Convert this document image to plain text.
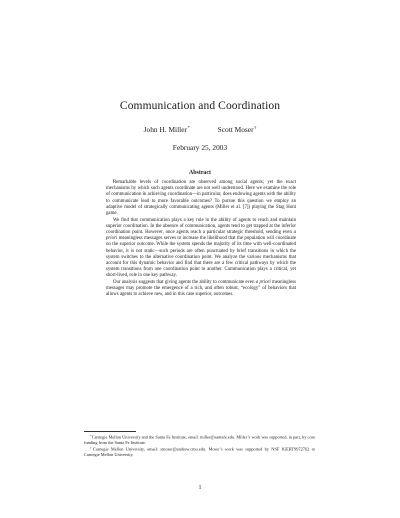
Communication and Coordination
John H. Miller*	Scott Moser†
February 25, 2003
Abstract

Remarkable levels of coordination are observed among social agents; yet the exact mechanisms by which such agents coordinate are not well understood. Here we examine the role of communication in achieving coordination—in particular, does endowing agents with the ability to communicate lead to more favorable outcomes? To pursue this question we employ an adaptive model of strategically communicating agents (Miller et al. [7]) playing the Stag Hunt game.

We find that communication plays a key role in the ability of agents to reach and maintain superior coordination. In the absence of communication, agents tend to get trapped at the inferior coordination point. However, once agents reach a particular strategic threshold, sending even a priori meaningless messages serves to increase the likelihood that the population will coordinate on the superior outcome. While the system spends the majority of its time with well-coordinated behavior, it is not static—such periods are often punctuated by brief transitions in which the system switches to the alternative coordination point. We analyze the various mechanisms that account for this dynamic behavior and find that there are a few critical pathways by which the system transitions from one coordination point to another. Communication plays a critical, yet short-lived, role in one key pathway.

Our analysis suggests that giving agents the ability to communicate even a priori meaningless messages may promote the emergence of a rich, and often robust, “ecology” of behaviors that allows agents to achieve new, and in this case superior, outcomes.

*Carnegie Mellon University and the Santa Fe Institute, email: miller@santafe.edu. Miller’s work was supported, in part, by core funding from the Santa Fe Institute.

†Carnegie Mellon University, email: smoser@andrew.cmu.edu. Moser’s work was supported by NSF IGERT9972762 to Carnegie Mellon University.

1
